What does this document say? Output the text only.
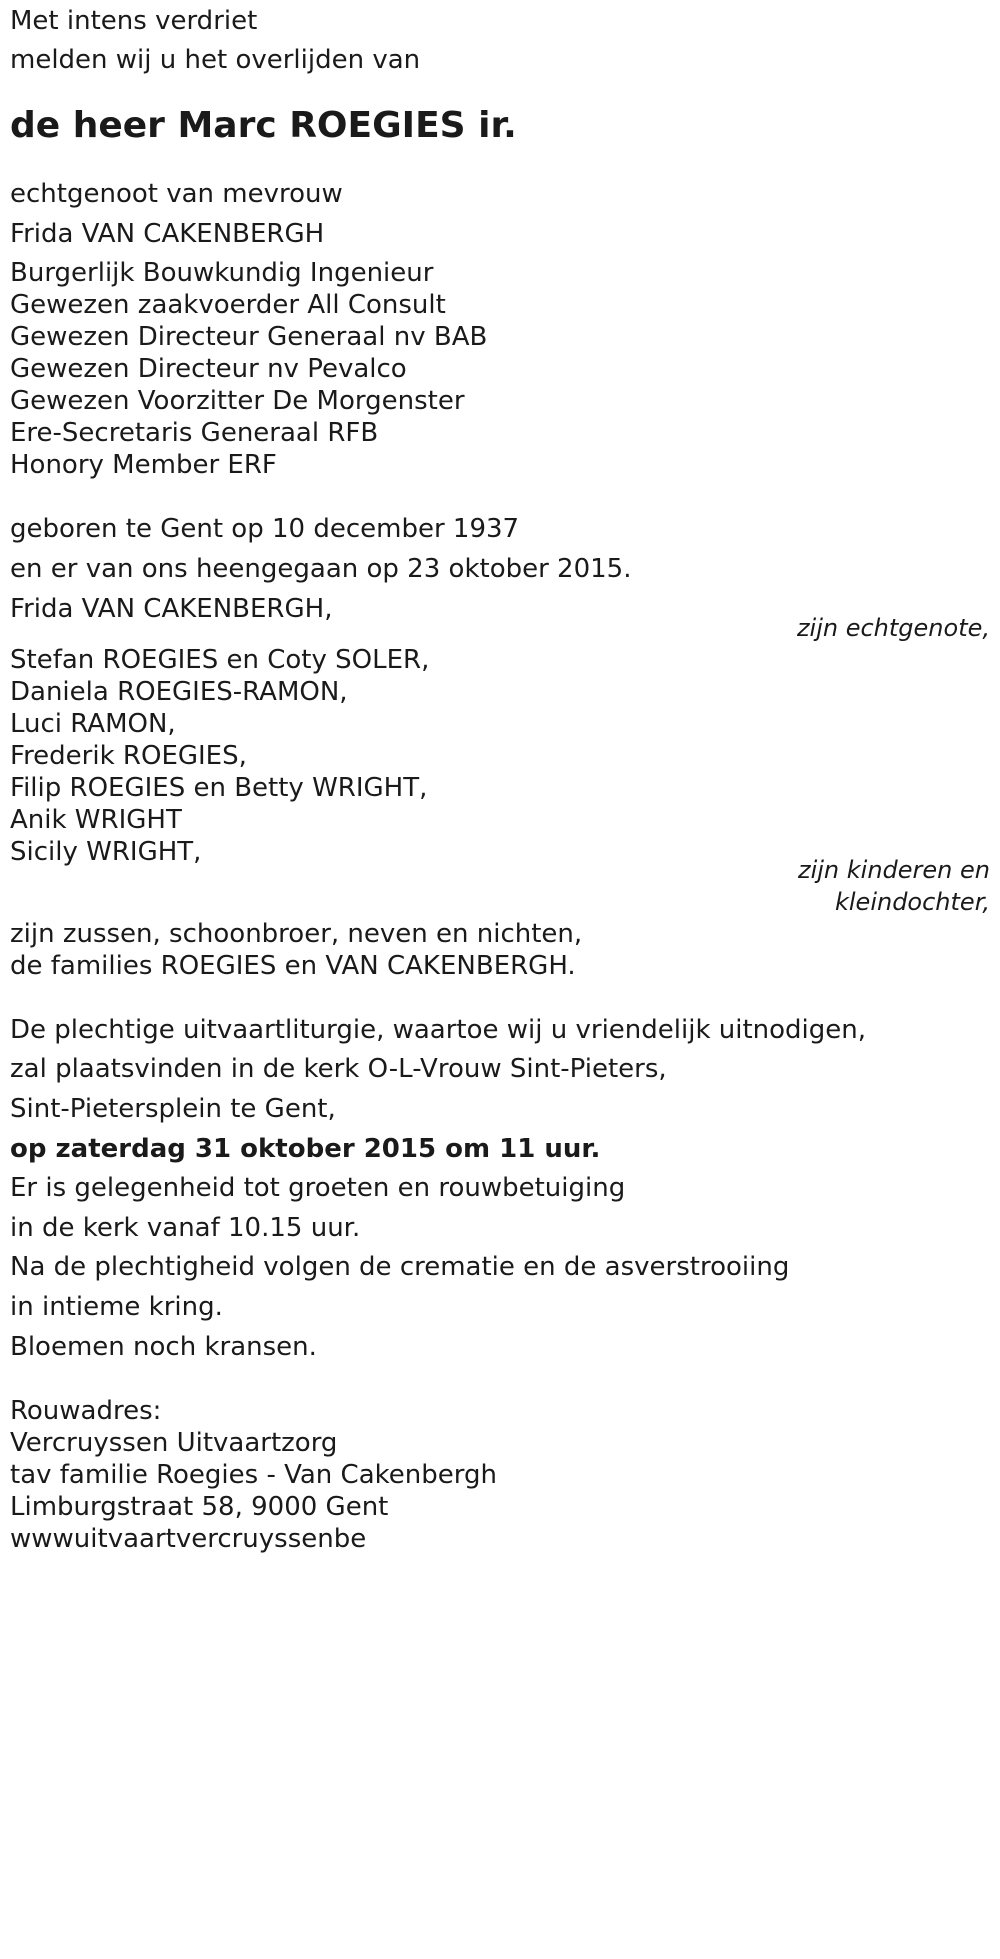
Met intens verdriet
melden wij u het overlijden van
de heer Marc ROEGIES ir.
echtgenoot van mevrouw
Frida VAN CAKENBERGH
Burgerlijk Bouwkundig Ingenieur
Gewezen zaakvoerder All Consult
Gewezen Directeur Generaal nv BAB
Gewezen Directeur nv Pevalco
Gewezen Voorzitter De Morgenster
Ere-Secretaris Generaal RFB
Honory Member ERF
geboren te Gent op 10 december 1937
en er van ons heengegaan op 23 oktober 2015.
Frida VAN CAKENBERGH,
zijn echtgenote,
Stefan ROEGIES en Coty SOLER,
Daniela ROEGIES-RAMON,
Luci RAMON,
Frederik ROEGIES,
Filip ROEGIES en Betty WRIGHT,
Anik WRIGHT
Sicily WRIGHT,
zijn kinderen en
kleindochter,
zijn zussen, schoonbroer, neven en nichten,
de families ROEGIES en VAN CAKENBERGH.
De plechtige uitvaartliturgie, waartoe wij u vriendelijk uitnodigen,
zal plaatsvinden in de kerk O-L-Vrouw Sint-Pieters,
Sint-Pietersplein te Gent,
op zaterdag 31 oktober 2015 om 11 uur.
Er is gelegenheid tot groeten en rouwbetuiging
in de kerk vanaf 10.15 uur.
Na de plechtigheid volgen de crematie en de asverstrooiing
in intieme kring.
Bloemen noch kransen.
Rouwadres:
Vercruyssen Uitvaartzorg
tav familie Roegies - Van Cakenbergh
Limburgstraat 58, 9000 Gent
wwwuitvaartvercruyssenbe
